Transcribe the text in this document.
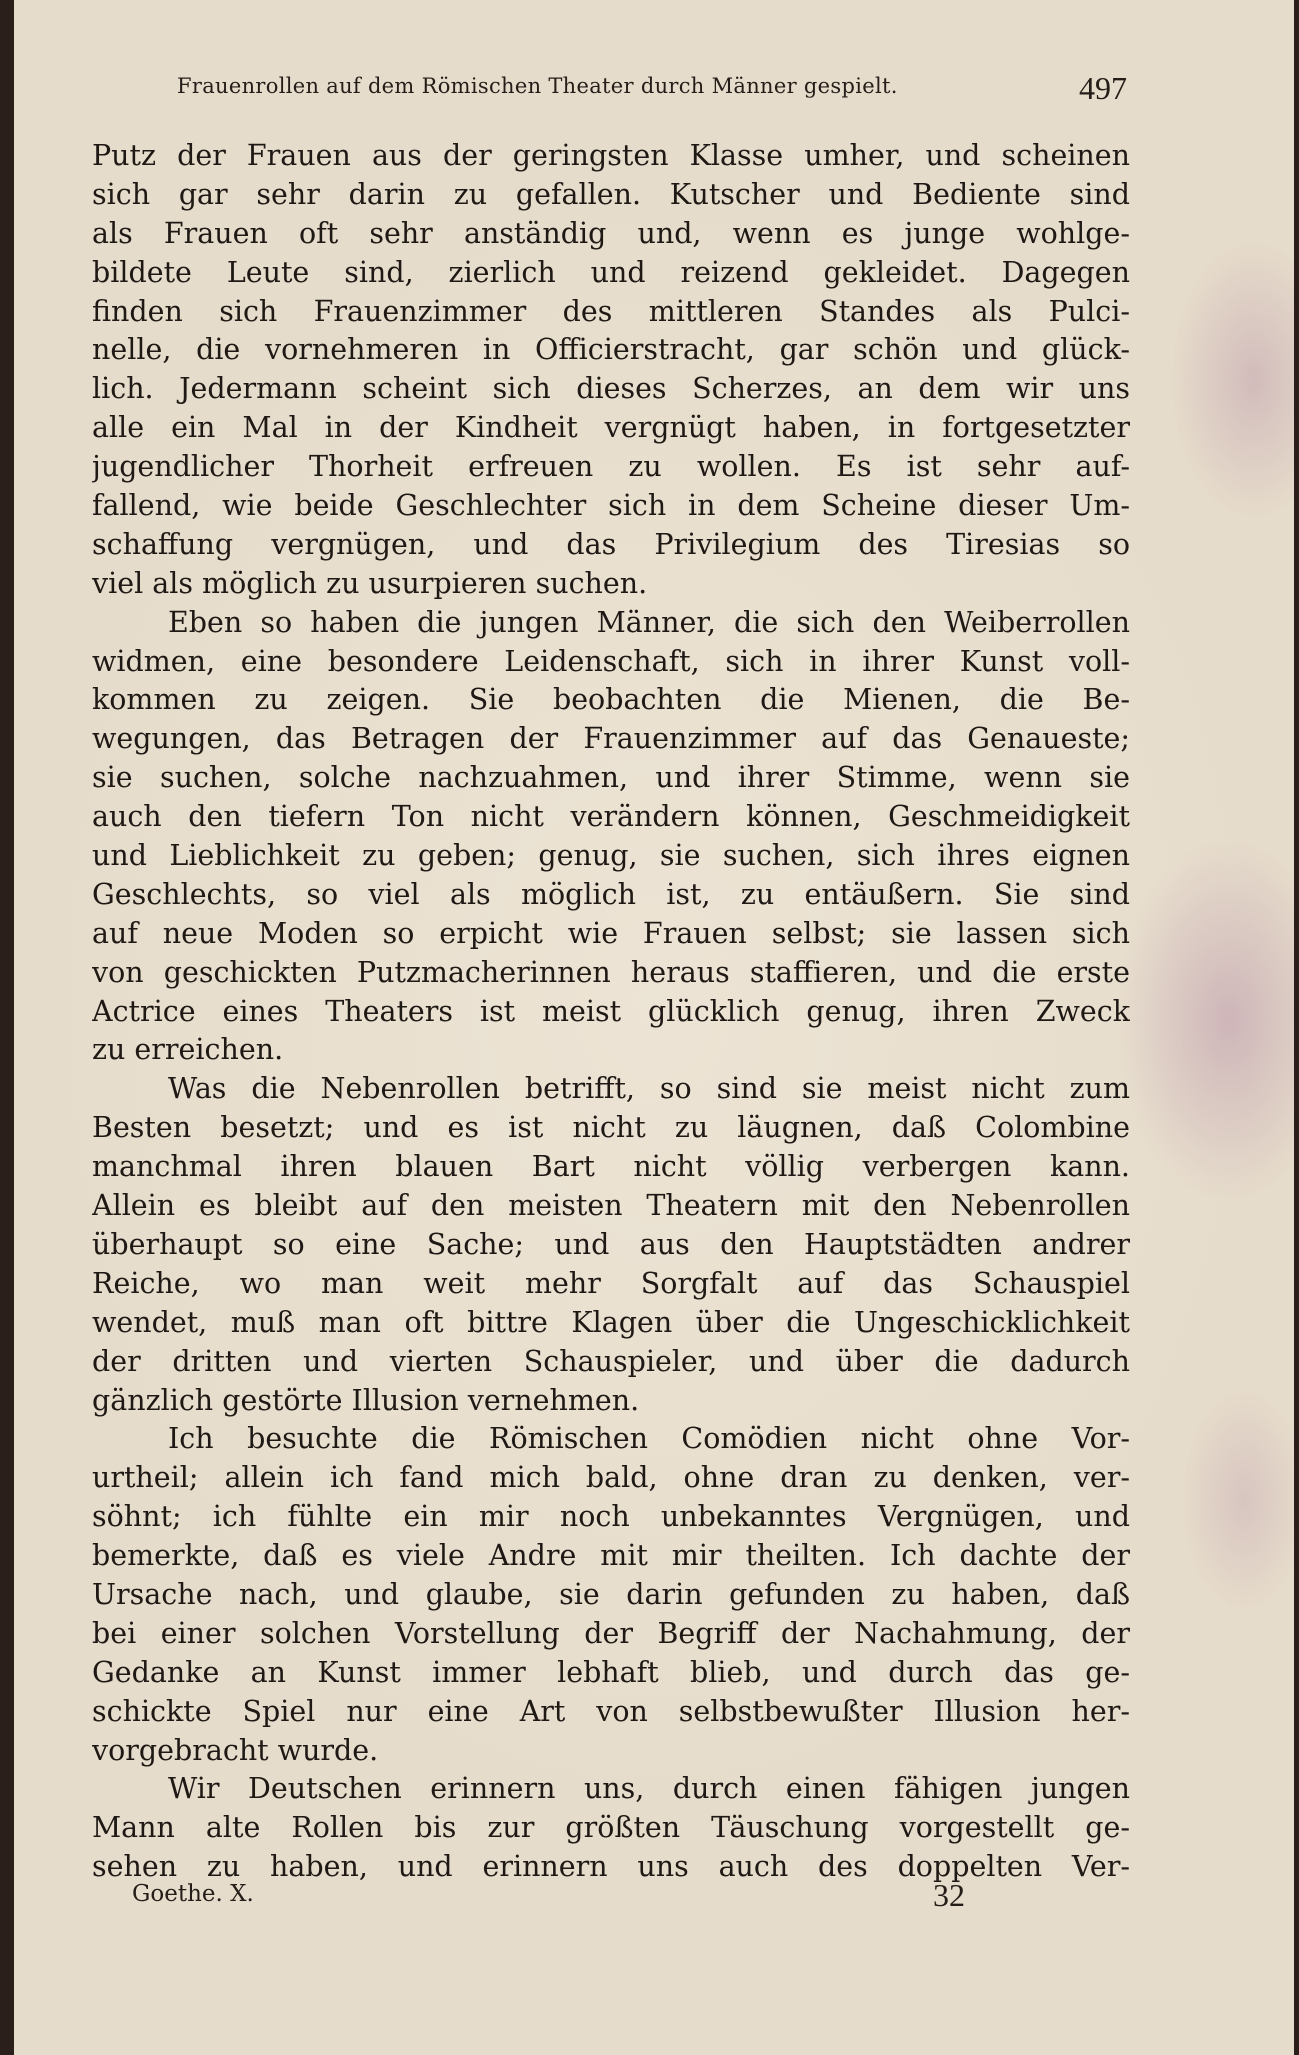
Frauenrollen auf dem Römischen Theater durch Männer gespielt.	497
Putz der Frauen aus der geringsten Klasse umher, und scheinen
sich gar sehr darin zu gefallen. Kutscher und Bediente sind
als Frauen oft sehr anständig und, wenn es junge wohlge-
bildete Leute sind, zierlich und reizend gekleidet. Dagegen
finden sich Frauenzimmer des mittleren Standes als Pulci-
nelle, die vornehmeren in Officierstracht, gar schön und glück-
lich. Jedermann scheint sich dieses Scherzes, an dem wir uns
alle ein Mal in der Kindheit vergnügt haben, in fortgesetzter
jugendlicher Thorheit erfreuen zu wollen. Es ist sehr auf-
fallend, wie beide Geschlechter sich in dem Scheine dieser Um-
schaffung vergnügen, und das Privilegium des Tiresias so
viel als möglich zu usurpieren suchen.
Eben so haben die jungen Männer, die sich den Weiberrollen
widmen, eine besondere Leidenschaft, sich in ihrer Kunst voll-
kommen zu zeigen. Sie beobachten die Mienen, die Be-
wegungen, das Betragen der Frauenzimmer auf das Genaueste;
sie suchen, solche nachzuahmen, und ihrer Stimme, wenn sie
auch den tiefern Ton nicht verändern können, Geschmeidigkeit
und Lieblichkeit zu geben; genug, sie suchen, sich ihres eignen
Geschlechts, so viel als möglich ist, zu entäußern. Sie sind
auf neue Moden so erpicht wie Frauen selbst; sie lassen sich
von geschickten Putzmacherinnen heraus staffieren, und die erste
Actrice eines Theaters ist meist glücklich genug, ihren Zweck
zu erreichen.
Was die Nebenrollen betrifft, so sind sie meist nicht zum
Besten besetzt; und es ist nicht zu läugnen, daß Colombine
manchmal ihren blauen Bart nicht völlig verbergen kann.
Allein es bleibt auf den meisten Theatern mit den Nebenrollen
überhaupt so eine Sache; und aus den Hauptstädten andrer
Reiche, wo man weit mehr Sorgfalt auf das Schauspiel
wendet, muß man oft bittre Klagen über die Ungeschicklichkeit
der dritten und vierten Schauspieler, und über die dadurch
gänzlich gestörte Illusion vernehmen.
Ich besuchte die Römischen Comödien nicht ohne Vor-
urtheil; allein ich fand mich bald, ohne dran zu denken, ver-
söhnt; ich fühlte ein mir noch unbekanntes Vergnügen, und
bemerkte, daß es viele Andre mit mir theilten. Ich dachte der
Ursache nach, und glaube, sie darin gefunden zu haben, daß
bei einer solchen Vorstellung der Begriff der Nachahmung, der
Gedanke an Kunst immer lebhaft blieb, und durch das ge-
schickte Spiel nur eine Art von selbstbewußter Illusion her-
vorgebracht wurde.
Wir Deutschen erinnern uns, durch einen fähigen jungen
Mann alte Rollen bis zur größten Täuschung vorgestellt ge-
sehen zu haben, und erinnern uns auch des doppelten Ver-
Goethe. X.	32
